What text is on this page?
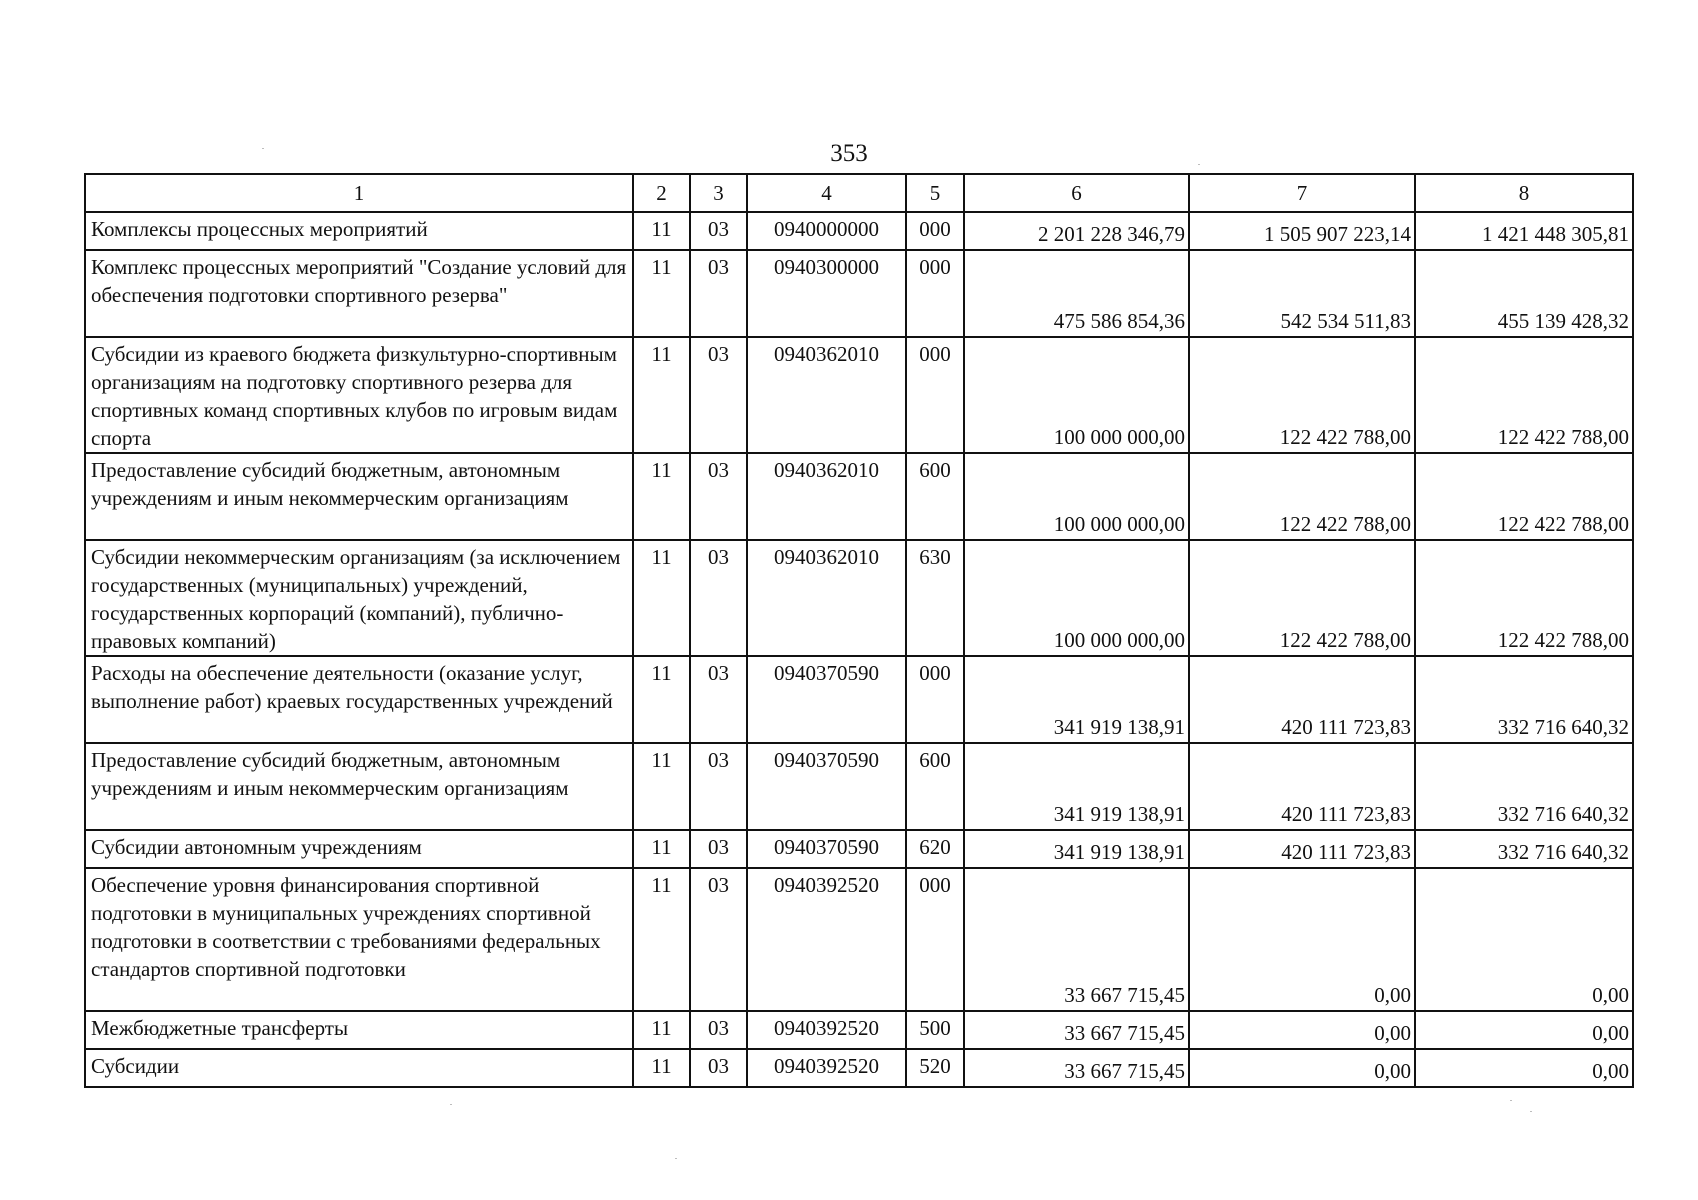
353
1	2	3	4	5	6	7	8
Комплексы процессных мероприятий	11	03	0940000000	000	2 201 228 346,79	1 505 907 223,14	1 421 448 305,81
Комплекс процессных мероприятий "Создание условий для обеспечения подготовки спортивного резерва"	11	03	0940300000	000	475 586 854,36	542 534 511,83	455 139 428,32
Субсидии из краевого бюджета физкультурно-спортивным организациям на подготовку спортивного резерва для спортивных команд спортивных клубов по игровым видам спорта	11	03	0940362010	000	100 000 000,00	122 422 788,00	122 422 788,00
Предоставление субсидий бюджетным, автономным учреждениям и иным некоммерческим организациям	11	03	0940362010	600	100 000 000,00	122 422 788,00	122 422 788,00
Субсидии некоммерческим организациям (за исключением государственных (муниципальных) учреждений, государственных корпораций (компаний), публично-правовых компаний)	11	03	0940362010	630	100 000 000,00	122 422 788,00	122 422 788,00
Расходы на обеспечение деятельности (оказание услуг, выполнение работ) краевых государственных учреждений	11	03	0940370590	000	341 919 138,91	420 111 723,83	332 716 640,32
Предоставление субсидий бюджетным, автономным учреждениям и иным некоммерческим организациям	11	03	0940370590	600	341 919 138,91	420 111 723,83	332 716 640,32
Субсидии автономным учреждениям	11	03	0940370590	620	341 919 138,91	420 111 723,83	332 716 640,32
Обеспечение уровня финансирования спортивной подготовки в муниципальных учреждениях спортивной подготовки в соответствии с требованиями федеральных стандартов спортивной подготовки	11	03	0940392520	000	33 667 715,45	0,00	0,00
Межбюджетные трансферты	11	03	0940392520	500	33 667 715,45	0,00	0,00
Субсидии	11	03	0940392520	520	33 667 715,45	0,00	0,00
